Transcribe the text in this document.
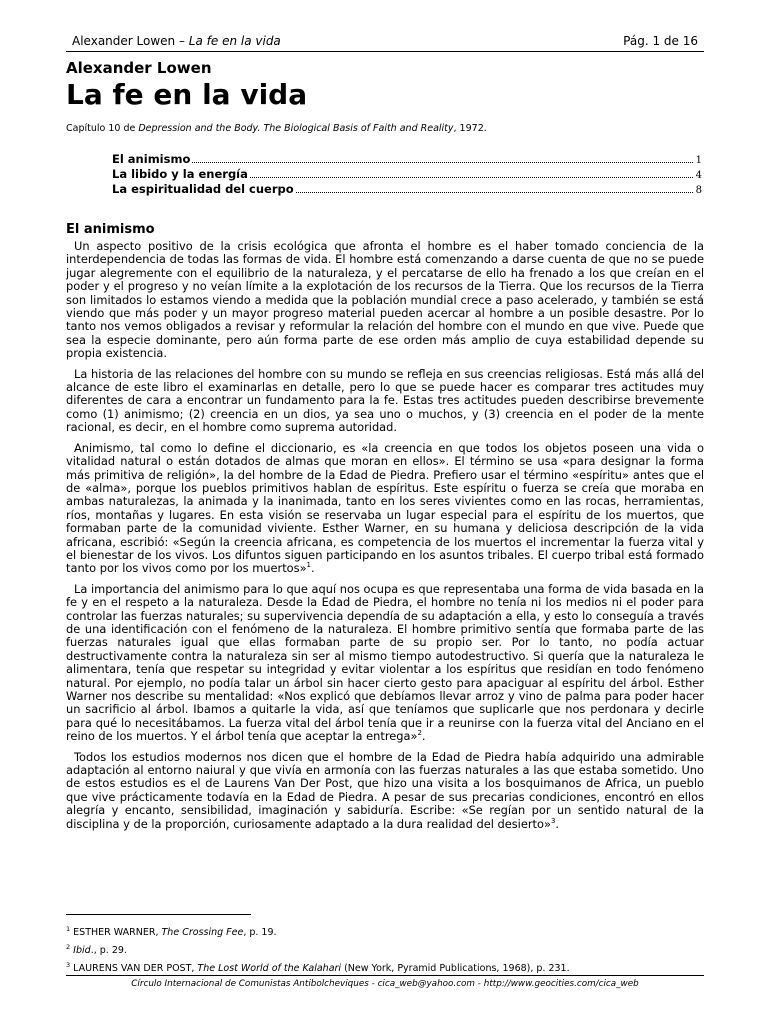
Alexander Lowen – La fe en la vida	Pág. 1 de 16
Alexander Lowen
La fe en la vida
Capítulo 10 de Depression and the Body. The Biological Basis of Faith and Reality, 1972.
El animismo	1
La libido y la energía	4
La espiritualidad del cuerpo	8
El animismo

Un aspecto positivo de la crisis ecológica que afronta el hombre es el haber tomado conciencia de la interdependencia de todas las formas de vida. El hombre está comenzando a darse cuenta de que no se puede jugar alegremente con el equilibrio de la naturaleza, y el percatarse de ello ha frenado a los que creían en el poder y el progreso y no veían límite a la explotación de los recursos de la Tierra. Que los recursos de la Tierra son limitados lo estamos viendo a medida que la población mundial crece a paso acelerado, y también se está viendo que más poder y un mayor progreso material pueden acercar al hombre a un posible desastre. Por lo tanto nos vemos obligados a revisar y reformular la relación del hombre con el mundo en que vive. Puede que sea la especie dominante, pero aún forma parte de ese orden más amplio de cuya estabilidad depende su propia existencia.

La historia de las relaciones del hombre con su mundo se refleja en sus creencias religiosas. Está más allá del alcance de este libro el examinarlas en detalle, pero lo que se puede hacer es comparar tres actitudes muy diferentes de cara a encontrar un fundamento para la fe. Estas tres actitudes pueden describirse brevemente como (1) animismo; (2) creencia en un dios, ya sea uno o muchos, y (3) creencia en el poder de la mente racional, es decir, en el hombre como suprema autoridad.

Animismo, tal como lo define el diccionario, es «la creencia en que todos los objetos poseen una vida o vitalidad natural o están dotados de almas que moran en ellos». El término se usa «para designar la forma más primitiva de religión», la del hombre de la Edad de Piedra. Prefiero usar el término «espíritu» antes que el de «alma», porque los pueblos primitivos hablan de espíritus. Este espíritu o fuerza se creía que moraba en ambas naturalezas, la animada y la inanimada, tanto en los seres vivientes como en las rocas, herramientas, ríos, montañas y lugares. En esta visión se reservaba un lugar especial para el espíritu de los muertos, que formaban parte de la comunidad viviente. Esther Warner, en su humana y deliciosa descripción de la vida africana, escribió: «Según la creencia africana, es competencia de los muertos el incrementar la fuerza vital y el bienestar de los vivos. Los difuntos siguen participando en los asuntos tribales. El cuerpo tribal está formado tanto por los vivos como por los muertos»$^1$.

La importancia del animismo para lo que aquí nos ocupa es que representaba una forma de vida basada en la fe y en el respeto a la naturaleza. Desde la Edad de Piedra, el hombre no tenía ni los medios ni el poder para controlar las fuerzas naturales; su supervivencia dependía de su adaptación a ella, y esto lo conseguía a través de una identificación con el fenómeno de la naturaleza. El hombre primitivo sentía que formaba parte de las fuerzas naturales igual que ellas formaban parte de su propio ser. Por lo tanto, no podía actuar destructivamente contra la naturaleza sin ser al mismo tiempo autodestructivo. Si quería que la naturaleza le alimentara, tenía que respetar su integridad y evitar violentar a los espíritus que residían en todo fenómeno natural. Por ejemplo, no podía talar un árbol sin hacer cierto gesto para apaciguar al espíritu del árbol. Esther Warner nos describe su mentalidad: «Nos explicó que debíamos llevar arroz y vino de palma para poder hacer un sacrificio al árbol. Ibamos a quitarle la vida, así que teníamos que suplicarle que nos perdonara y decirle para qué lo necesitábamos. La fuerza vital del árbol tenía que ir a reunirse con la fuerza vital del Anciano en el reino de los muertos. Y el árbol tenía que aceptar la entrega»$^2$.

Todos los estudios modernos nos dicen que el hombre de la Edad de Piedra había adquirido una admirable adaptación al entorno naiural y que vivía en armonía con las fuerzas naturales a las que estaba sometido. Uno de estos estudios es el de Laurens Van Der Post, que hizo una visita a los bosquimanos de Africa, un pueblo que vive prácticamente todavía en la Edad de Piedra. A pesar de sus precarias condiciones, encontró en ellos alegría y encanto, sensibilidad, imaginación y sabiduría. Escribe: «Se regían por un sentido natural de la disciplina y de la proporción, curiosamente adaptado a la dura realidad del desierto»$^3$.

$^1$ ESTHER WARNER, The Crossing Fee, p. 19.
$^2$ Ibid., p. 29.
$^3$ LAURENS VAN DER POST, The Lost World of the Kalahari (New York, Pyramid Publications, 1968), p. 231.
Círculo Internacional de Comunistas Antibolcheviques - cica_web@yahoo.com - http://www.geocities.com/cica_web
